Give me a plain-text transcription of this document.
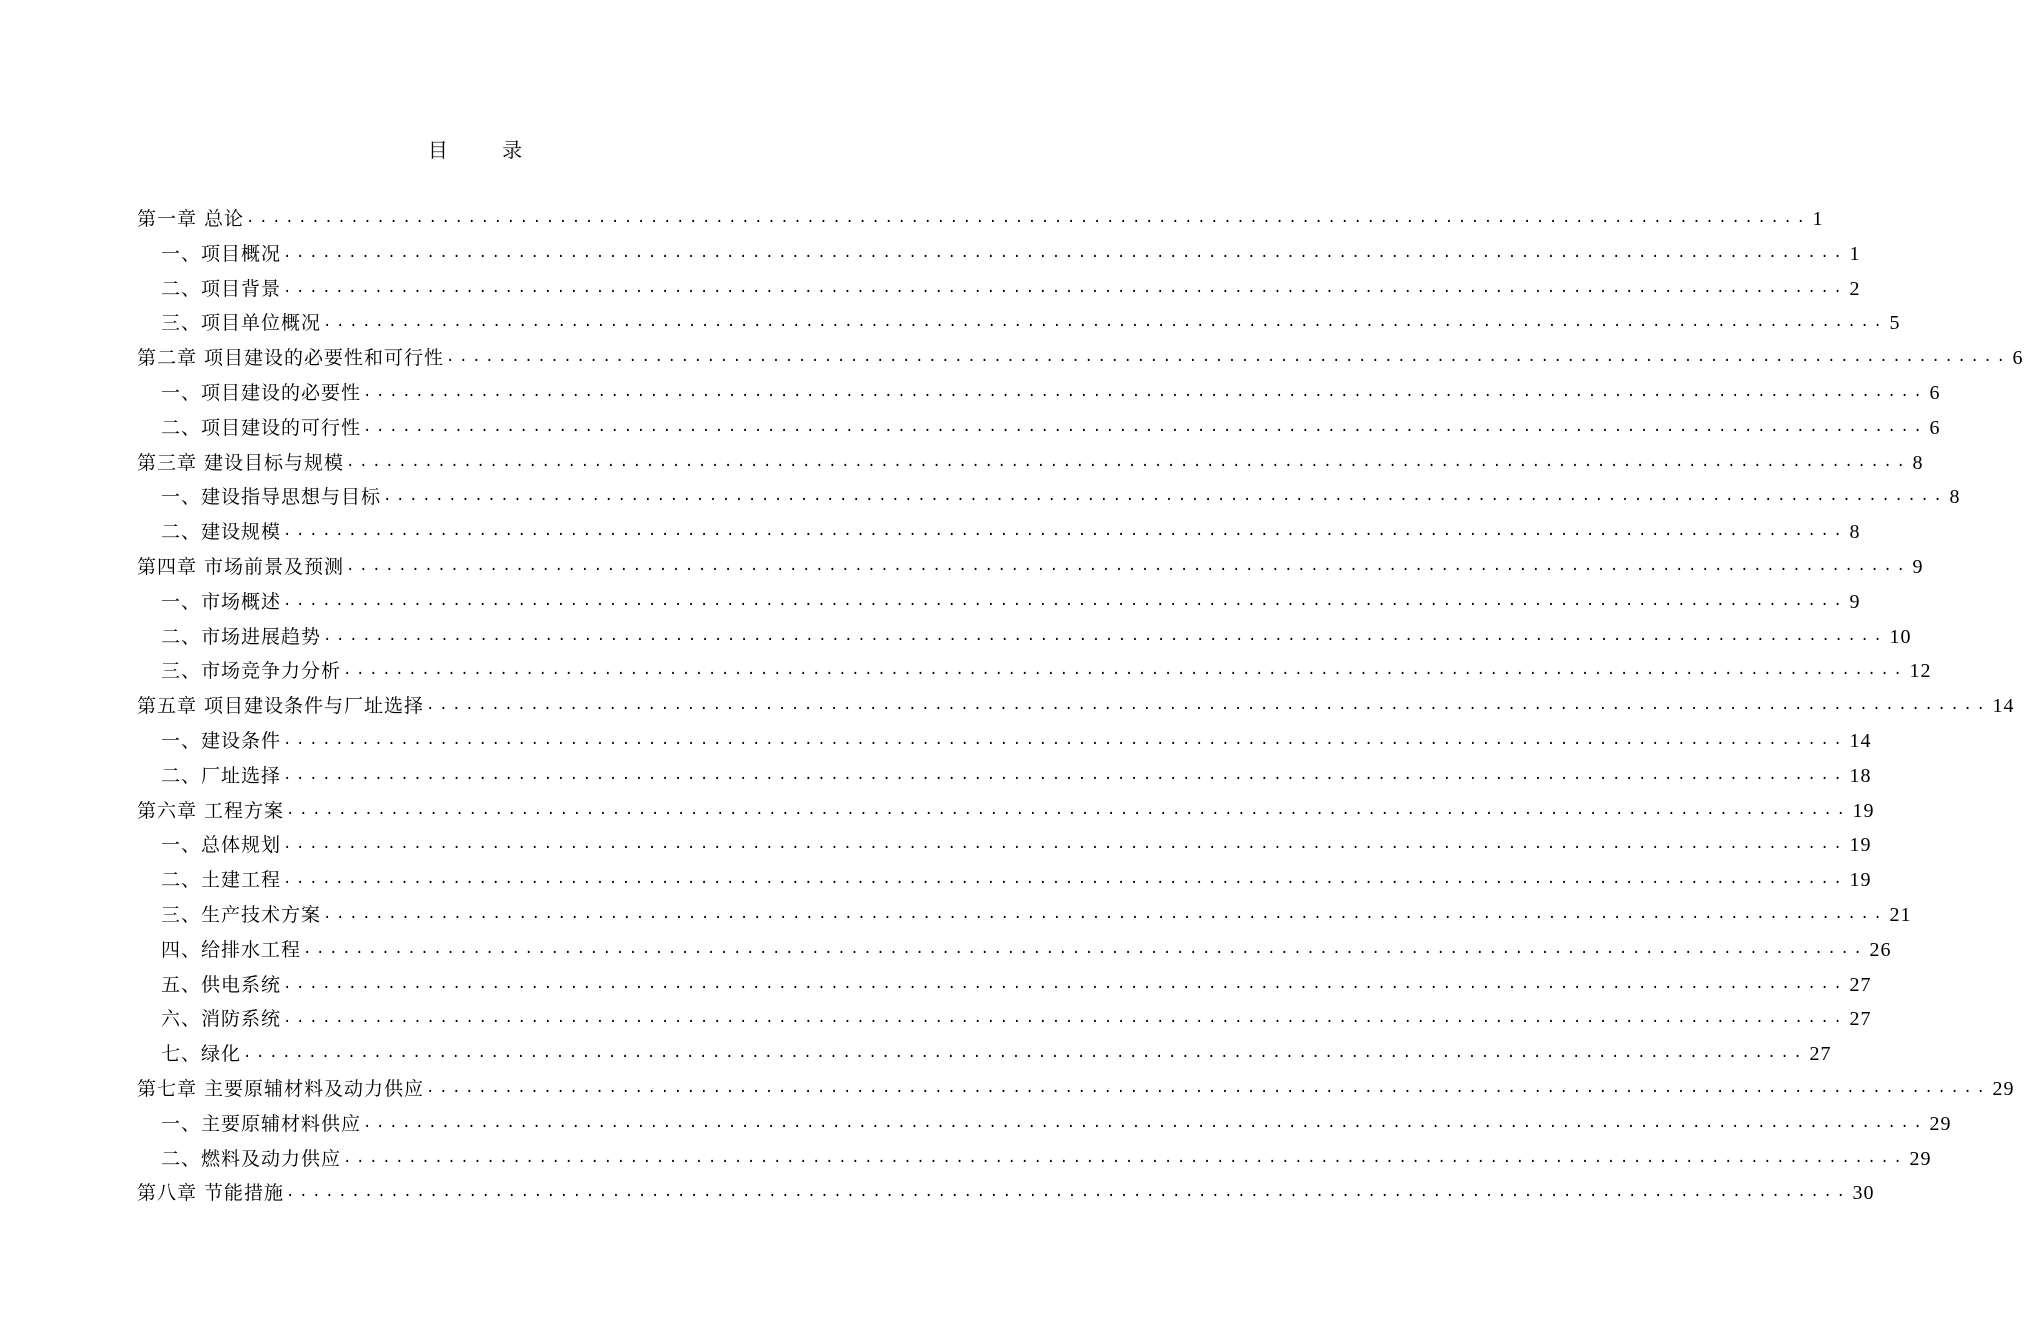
目 录
第一章 总论 ........................................................................................................................ 1
一、项目概况 ........................................................................................................................ 1
二、项目背景 ........................................................................................................................ 2
三、项目单位概况 ........................................................................................................................ 5
第二章 项目建设的必要性和可行性 ........................................................................................................................ 6
一、项目建设的必要性 ........................................................................................................................ 6
二、项目建设的可行性 ........................................................................................................................ 6
第三章 建设目标与规模 ........................................................................................................................ 8
一、建设指导思想与目标 ........................................................................................................................ 8
二、建设规模 ........................................................................................................................ 8
第四章 市场前景及预测 ........................................................................................................................ 9
一、市场概述 ........................................................................................................................ 9
二、市场进展趋势 ........................................................................................................................ 10
三、市场竞争力分析 ........................................................................................................................ 12
第五章 项目建设条件与厂址选择 ........................................................................................................................ 14
一、建设条件 ........................................................................................................................ 14
二、厂址选择 ........................................................................................................................ 18
第六章 工程方案 ........................................................................................................................ 19
一、总体规划 ........................................................................................................................ 19
二、土建工程 ........................................................................................................................ 19
三、生产技术方案 ........................................................................................................................ 21
四、给排水工程 ........................................................................................................................ 26
五、供电系统 ........................................................................................................................ 27
六、消防系统 ........................................................................................................................ 27
七、绿化 ........................................................................................................................ 27
第七章 主要原辅材料及动力供应 ........................................................................................................................ 29
一、主要原辅材料供应 ........................................................................................................................ 29
二、燃料及动力供应 ........................................................................................................................ 29
第八章 节能措施 ........................................................................................................................ 30
